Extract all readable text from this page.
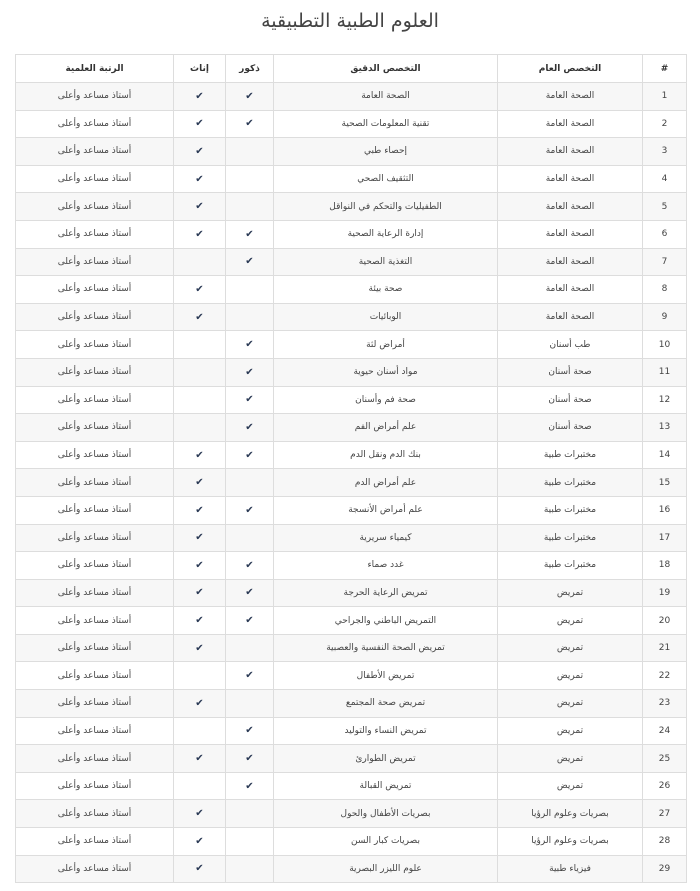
العلوم الطبية التطبيقية
#	التخصص العام	التخصص الدقيق	ذكور	إناث	الرتبة العلمية
1	الصحة العامة	الصحة العامة	✔	✔	أستاذ مساعد وأعلى
2	الصحة العامة	تقنية المعلومات الصحية	✔	✔	أستاذ مساعد وأعلى
3	الصحة العامة	إحصاء طبي		✔	أستاذ مساعد وأعلى
4	الصحة العامة	التثقيف الصحي		✔	أستاذ مساعد وأعلى
5	الصحة العامة	الطفيليات والتحكم في النواقل		✔	أستاذ مساعد وأعلى
6	الصحة العامة	إدارة الرعاية الصحية	✔	✔	أستاذ مساعد وأعلى
7	الصحة العامة	التغذية الصحية	✔		أستاذ مساعد وأعلى
8	الصحة العامة	صحة بيئة		✔	أستاذ مساعد وأعلى
9	الصحة العامة	الوبائيات		✔	أستاذ مساعد وأعلى
10	طب أسنان	أمراض لثة	✔		أستاذ مساعد وأعلى
11	صحة أسنان	مواد أسنان حيوية	✔		أستاذ مساعد وأعلى
12	صحة أسنان	صحة فم وأسنان	✔		أستاذ مساعد وأعلى
13	صحة أسنان	علم أمراض الفم	✔		أستاذ مساعد وأعلى
14	مختبرات طبية	بنك الدم ونقل الدم	✔	✔	أستاذ مساعد وأعلى
15	مختبرات طبية	علم أمراض الدم		✔	أستاذ مساعد وأعلى
16	مختبرات طبية	علم أمراض الأنسجة	✔	✔	أستاذ مساعد وأعلى
17	مختبرات طبية	كيمياء سريرية		✔	أستاذ مساعد وأعلى
18	مختبرات طبية	غدد صماء	✔	✔	أستاذ مساعد وأعلى
19	تمريض	تمريض الرعاية الحرجة	✔	✔	أستاذ مساعد وأعلى
20	تمريض	التمريض الباطني والجراحي	✔	✔	أستاذ مساعد وأعلى
21	تمريض	تمريض الصحة النفسية والعصبية		✔	أستاذ مساعد وأعلى
22	تمريض	تمريض الأطفال	✔		أستاذ مساعد وأعلى
23	تمريض	تمريض صحة المجتمع		✔	أستاذ مساعد وأعلى
24	تمريض	تمريض النساء والتوليد	✔		أستاذ مساعد وأعلى
25	تمريض	تمريض الطوارئ	✔	✔	أستاذ مساعد وأعلى
26	تمريض	تمريض القبالة	✔		أستاذ مساعد وأعلى
27	بصريات وعلوم الرؤيا	بصريات الأطفال والحول		✔	أستاذ مساعد وأعلى
28	بصريات وعلوم الرؤيا	بصريات كبار السن		✔	أستاذ مساعد وأعلى
29	فيزياء طبية	علوم الليزر البصرية		✔	أستاذ مساعد وأعلى
